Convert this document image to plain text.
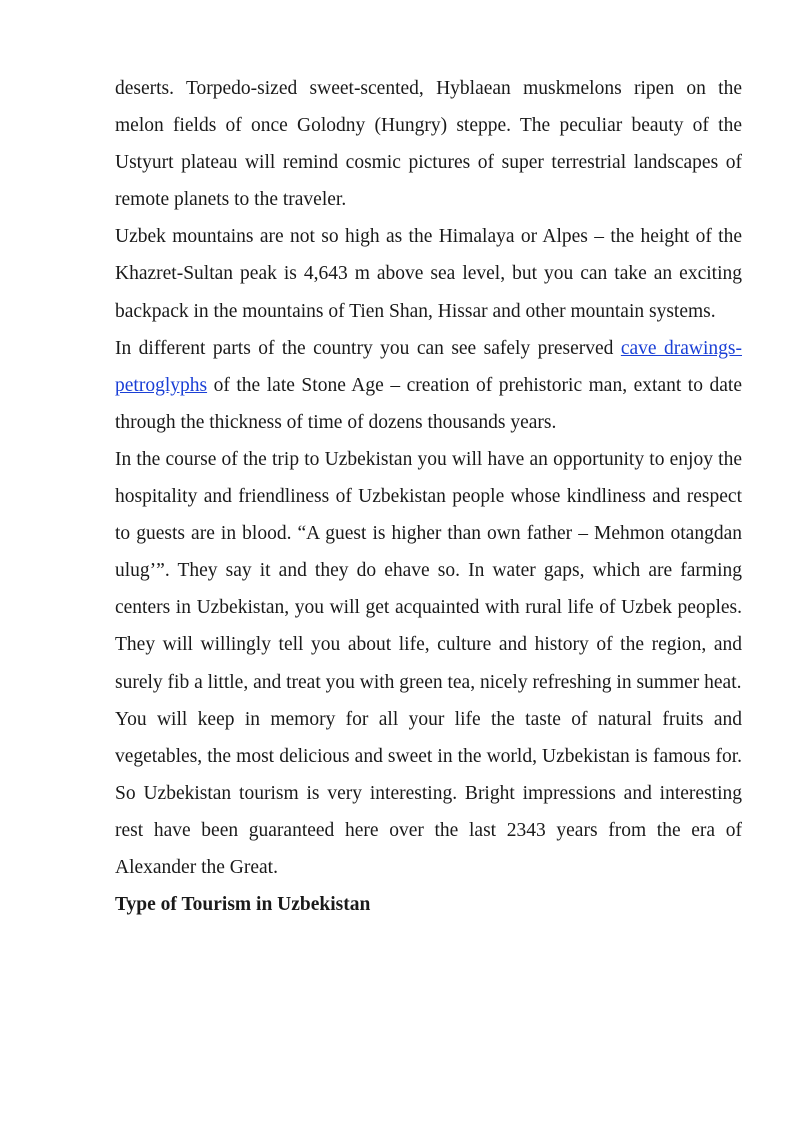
deserts. Torpedo-sized sweet-scented, Hyblaean muskmelons ripen on the melon fields of once Golodny (Hungry) steppe. The peculiar beauty of the Ustyurt plateau will remind cosmic pictures of super terrestrial landscapes of remote planets to the traveler.

Uzbek mountains are not so high as the Himalaya or Alpes – the height of the Khazret-Sultan peak is 4,643 m above sea level, but you can take an exciting backpack in the mountains of Tien Shan, Hissar and other mountain systems.

In different parts of the country you can see safely preserved cave drawings-petroglyphs of the late Stone Age – creation of prehistoric man, extant to date through the thickness of time of dozens thousands years.

In the course of the trip to Uzbekistan you will have an opportunity to enjoy the hospitality and friendliness of Uzbekistan people whose kindliness and respect to guests are in blood. “A guest is higher than own father – Mehmon otangdan ulug’”. They say it and they do ehave so. In water gaps, which are farming centers in Uzbekistan, you will get acquainted with rural life of Uzbek peoples. They will willingly tell you about life, culture and history of the region, and surely fib a little, and treat you with green tea, nicely refreshing in summer heat.

You will keep in memory for all your life the taste of natural fruits and vegetables, the most delicious and sweet in the world, Uzbekistan is famous for. So Uzbekistan tourism is very interesting. Bright impressions and interesting rest have been guaranteed here over the last 2343 years from the era of Alexander the Great.

Type of Tourism in Uzbekistan
